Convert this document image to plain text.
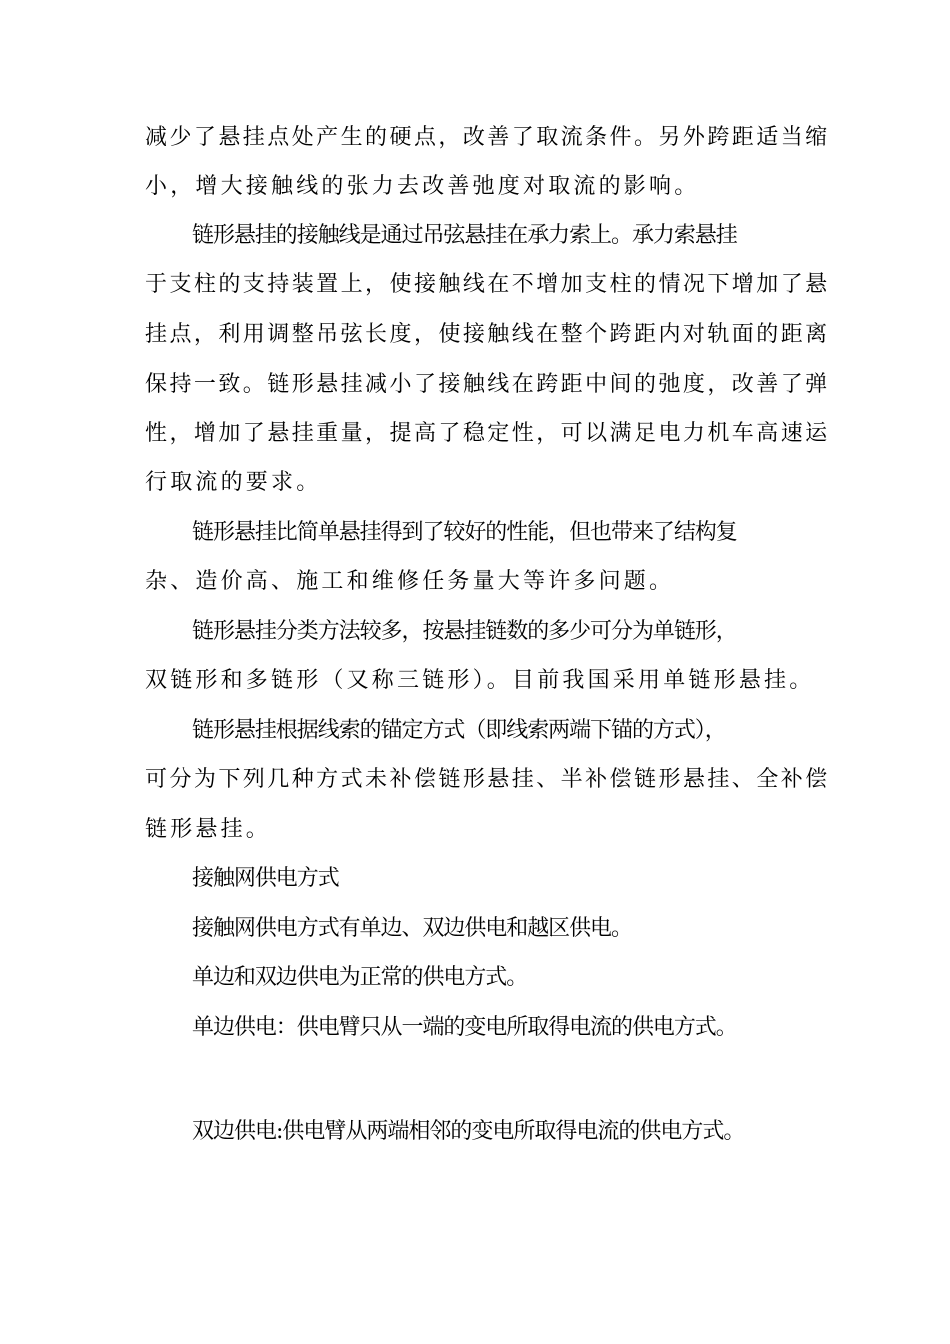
减少了悬挂点处产生的硬点，改善了取流条件。另外跨距适当缩
小，增大接触线的张力去改善弛度对取流的影响。
链形悬挂的接触线是通过吊弦悬挂在承力索上。承力索悬挂
于支柱的支持装置上，使接触线在不增加支柱的情况下增加了悬
挂点，利用调整吊弦长度，使接触线在整个跨距内对轨面的距离
保持一致。链形悬挂减小了接触线在跨距中间的弛度，改善了弹
性，增加了悬挂重量，提高了稳定性，可以满足电力机车高速运
行取流的要求。
链形悬挂比简单悬挂得到了较好的性能，但也带来了结构复
杂、造价高、施工和维修任务量大等许多问题。
链形悬挂分类方法较多，按悬挂链数的多少可分为单链形，
双链形和多链形（又称三链形）。目前我国采用单链形悬挂。
链形悬挂根据线索的锚定方式（即线索两端下锚的方式），
可分为下列几种方式未补偿链形悬挂、半补偿链形悬挂、全补偿
链形悬挂。
接触网供电方式
接触网供电方式有单边、双边供电和越区供电。
单边和双边供电为正常的供电方式。
单边供电：供电臂只从一端的变电所取得电流的供电方式。
双边供电:供电臂从两端相邻的变电所取得电流的供电方式。
